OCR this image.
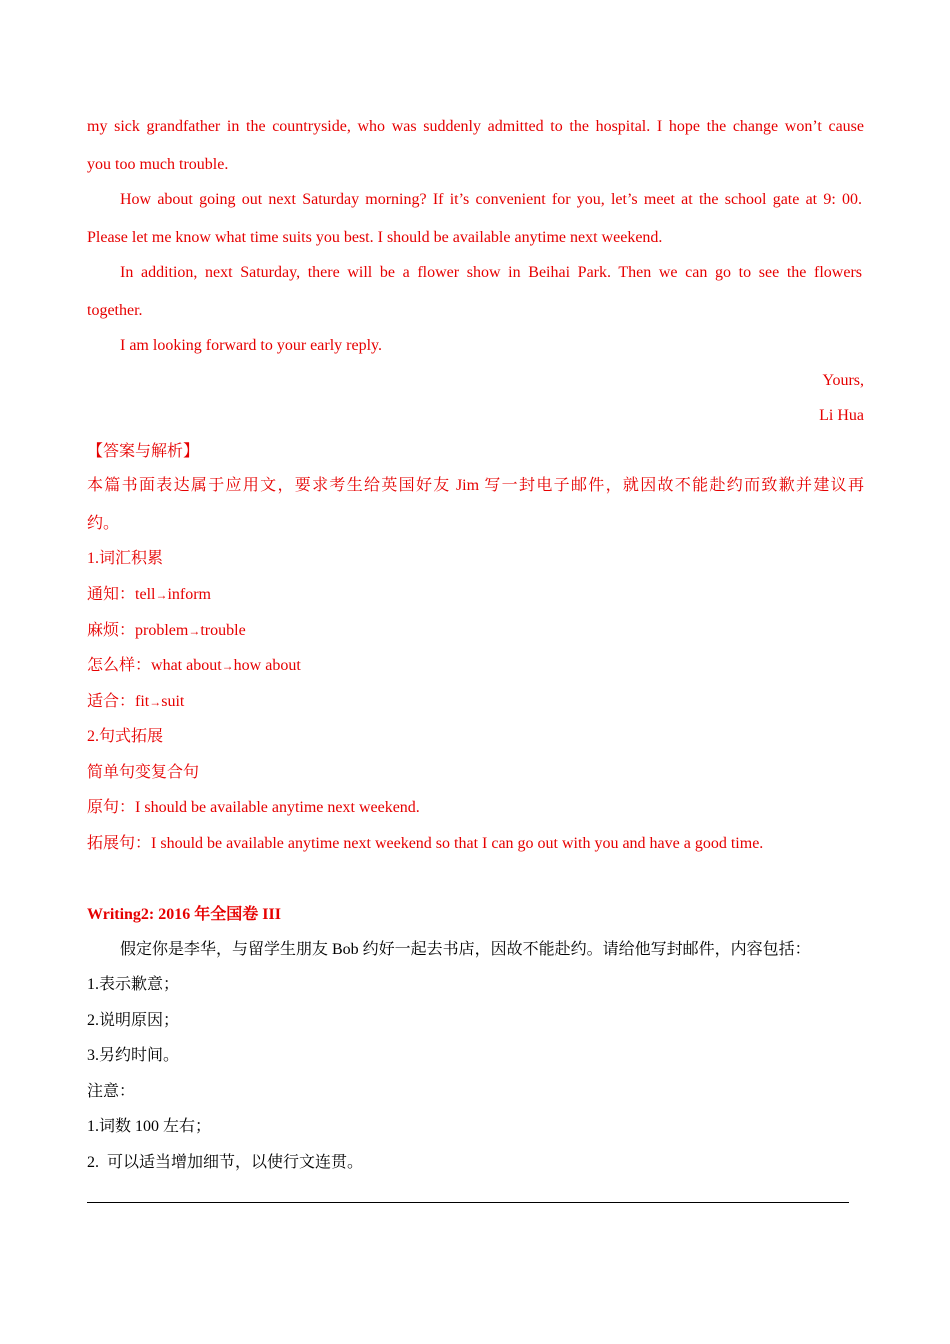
my sick grandfather in the countryside, who was suddenly admitted to the hospital. I hope the change won’t cause
you too much trouble.
How about going out next Saturday morning? If it’s convenient for you, let’s meet at the school gate at 9: 00.
Please let me know what time suits you best. I should be available anytime next weekend.
In addition, next Saturday, there will be a flower show in Beihai Park. Then we can go to see the flowers
together.
I am looking forward to your early reply.
Yours,
Li Hua
【答案与解析】
本篇书面表达属于应用文，要求考生给英国好友 Jim 写一封电子邮件，就因故不能赴约而致歉并建议再
约。
1.词汇积累
通知：tell→inform
麻烦：problem→trouble
怎么样：what about→how about
适合：fit→suit
2.句式拓展
简单句变复合句
原句：I should be available anytime next weekend.
拓展句：I should be available anytime next weekend so that I can go out with you and have a good time.
Writing2: 2016 年全国卷 III
假定你是李华，与留学生朋友 Bob 约好一起去书店，因故不能赴约。请给他写封邮件，内容包括：
1.表示歉意；
2.说明原因；
3.另约时间。
注意：
1.词数 100 左右；
2.  可以适当增加细节，以使行文连贯。
